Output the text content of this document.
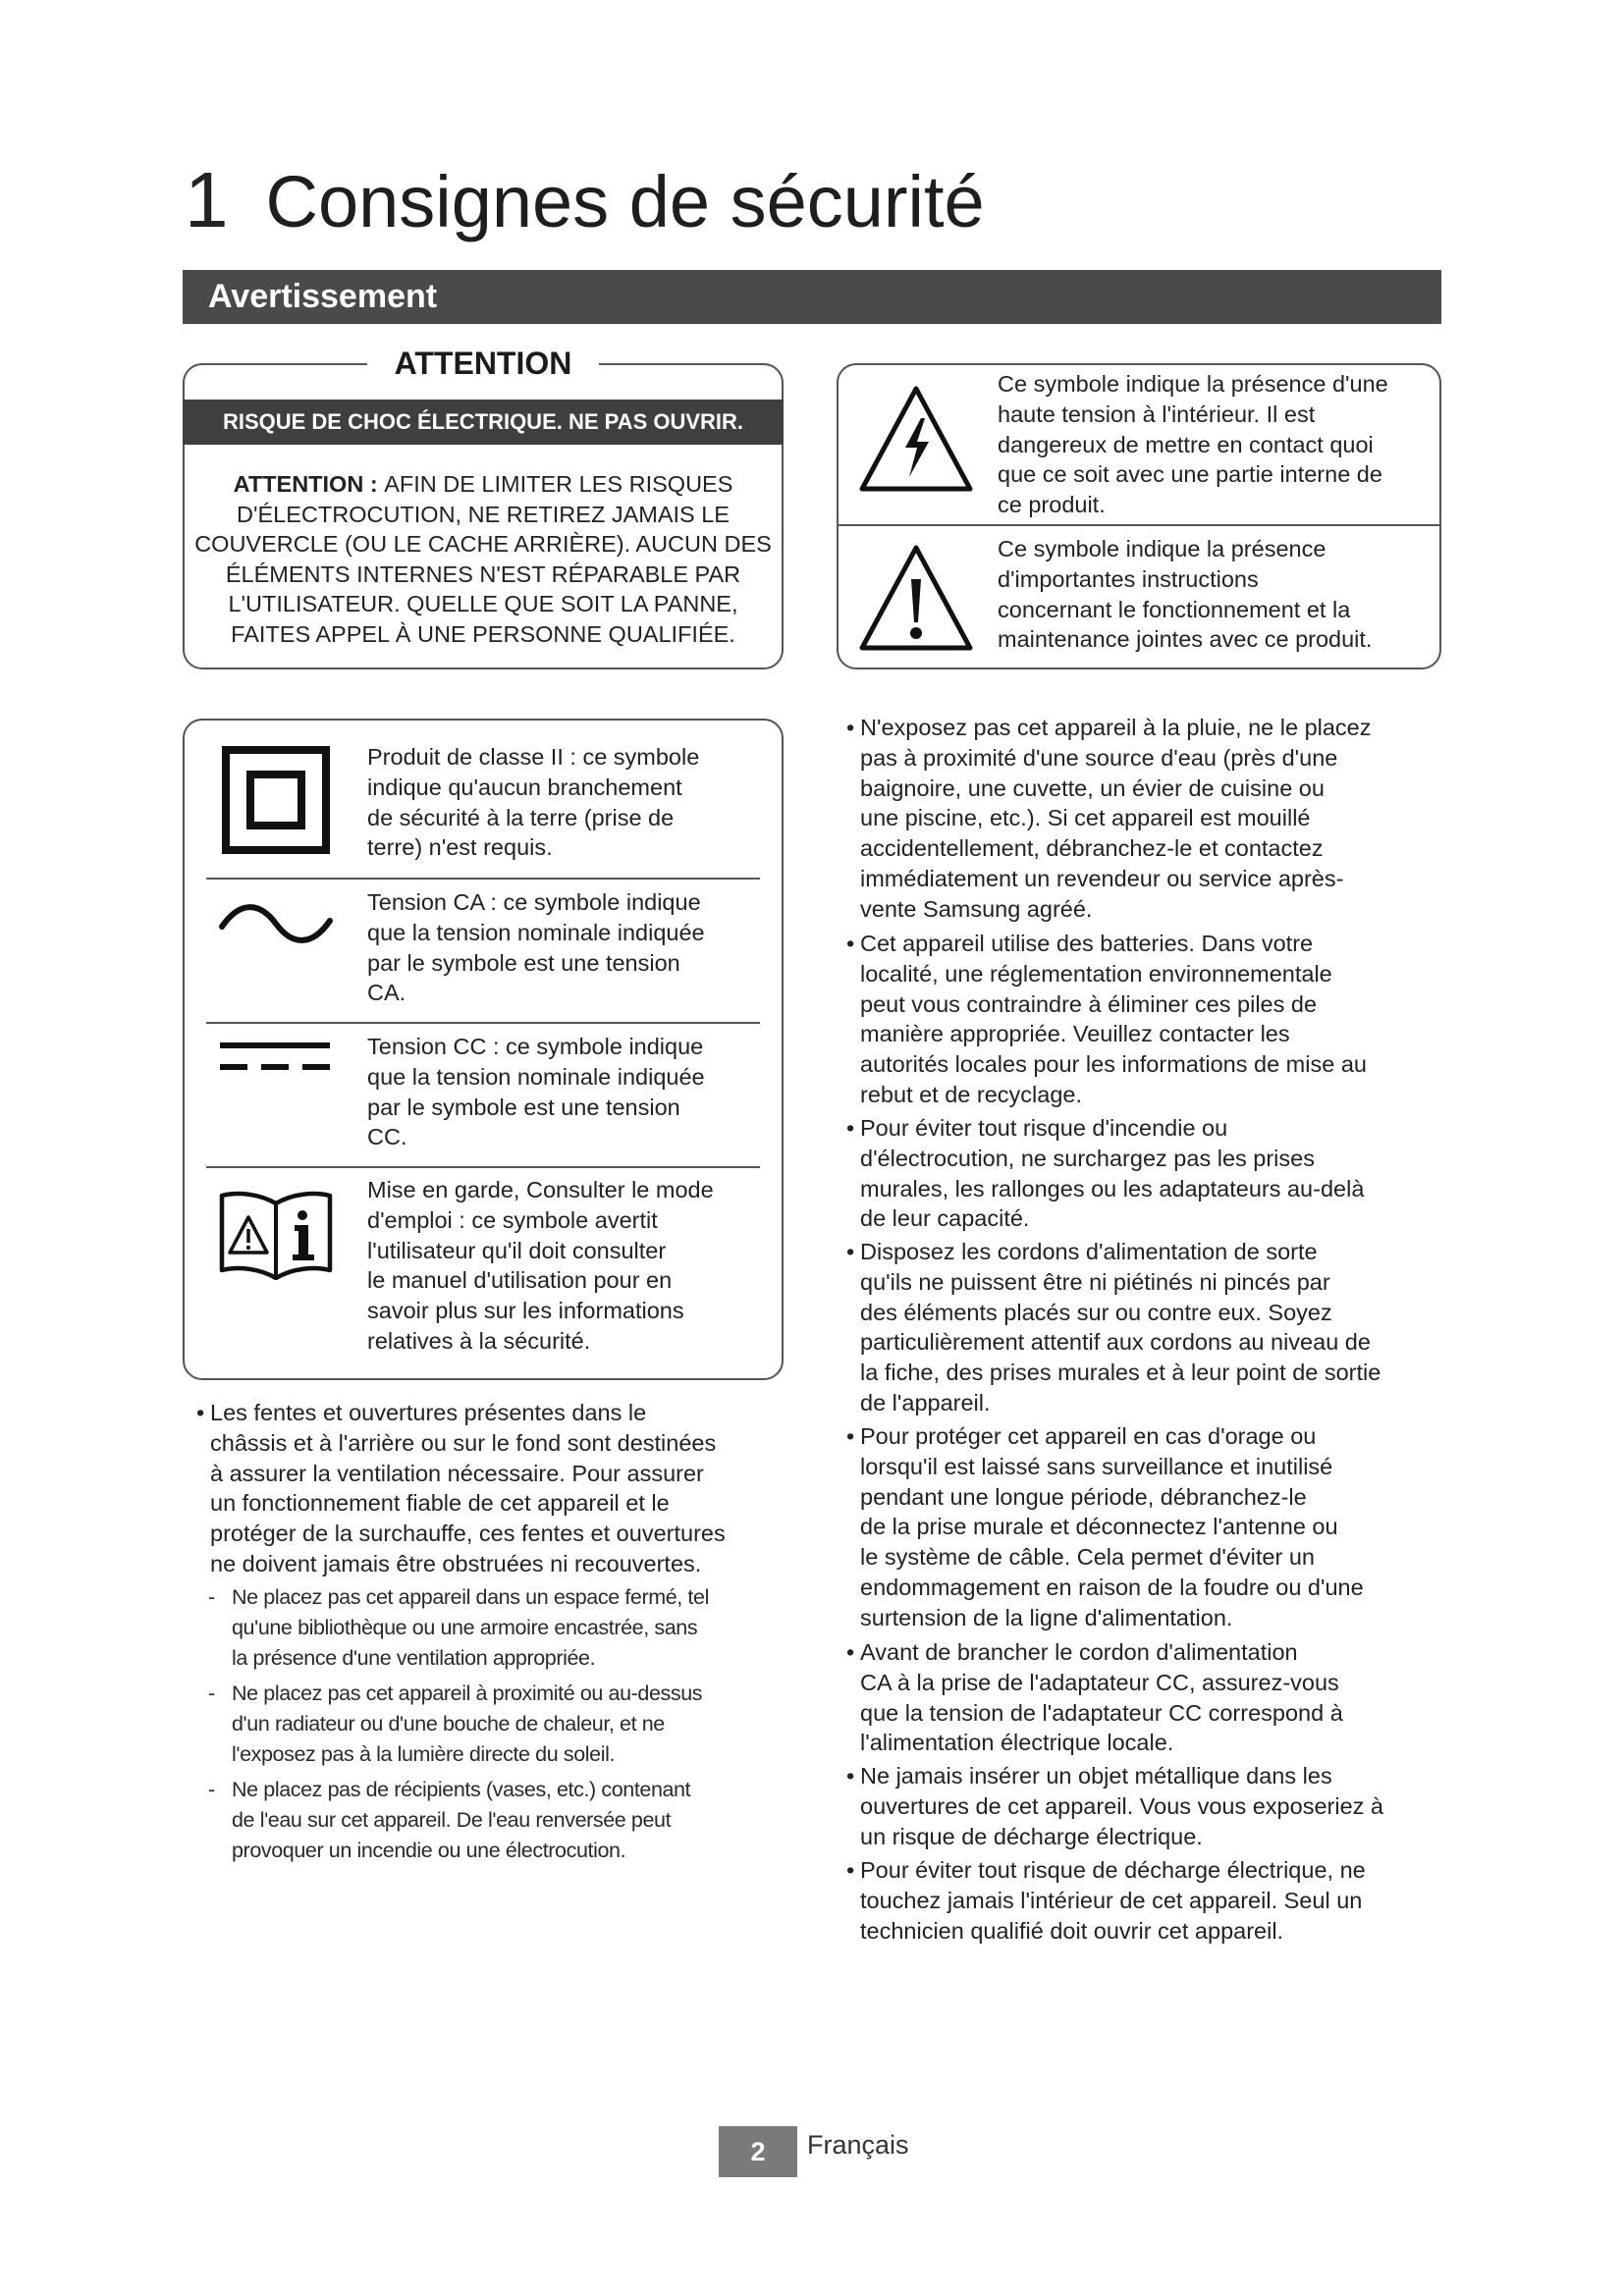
1 Consignes de sécurité
Avertissement
ATTENTION
RISQUE DE CHOC ÉLECTRIQUE. NE PAS OUVRIR.
ATTENTION : AFIN DE LIMITER LES RISQUES
D'ÉLECTROCUTION, NE RETIREZ JAMAIS LE
COUVERCLE (OU LE CACHE ARRIÈRE). AUCUN DES
ÉLÉMENTS INTERNES N'EST RÉPARABLE PAR
L'UTILISATEUR. QUELLE QUE SOIT LA PANNE,
FAITES APPEL À UNE PERSONNE QUALIFIÉE.
Ce symbole indique la présence d'une
haute tension à l'intérieur. Il est
dangereux de mettre en contact quoi
que ce soit avec une partie interne de
ce produit.
Ce symbole indique la présence
d'importantes instructions
concernant le fonctionnement et la
maintenance jointes avec ce produit.
Produit de classe II : ce symbole
indique qu'aucun branchement
de sécurité à la terre (prise de
terre) n'est requis.
Tension CA : ce symbole indique
que la tension nominale indiquée
par le symbole est une tension
CA.
Tension CC : ce symbole indique
que la tension nominale indiquée
par le symbole est une tension
CC.
Mise en garde, Consulter le mode
d'emploi : ce symbole avertit
l'utilisateur qu'il doit consulter
le manuel d'utilisation pour en
savoir plus sur les informations
relatives à la sécurité.
• Les fentes et ouvertures présentes dans le
châssis et à l'arrière ou sur le fond sont destinées
à assurer la ventilation nécessaire. Pour assurer
un fonctionnement fiable de cet appareil et le
protéger de la surchauffe, ces fentes et ouvertures
ne doivent jamais être obstruées ni recouvertes.
- Ne placez pas cet appareil dans un espace fermé, tel
qu'une bibliothèque ou une armoire encastrée, sans
la présence d'une ventilation appropriée.
- Ne placez pas cet appareil à proximité ou au-dessus
d'un radiateur ou d'une bouche de chaleur, et ne
l'exposez pas à la lumière directe du soleil.
- Ne placez pas de récipients (vases, etc.) contenant
de l'eau sur cet appareil. De l'eau renversée peut
provoquer un incendie ou une électrocution.
• N'exposez pas cet appareil à la pluie, ne le placez
pas à proximité d'une source d'eau (près d'une
baignoire, une cuvette, un évier de cuisine ou
une piscine, etc.). Si cet appareil est mouillé
accidentellement, débranchez-le et contactez
immédiatement un revendeur ou service après-
vente Samsung agréé.
• Cet appareil utilise des batteries. Dans votre
localité, une réglementation environnementale
peut vous contraindre à éliminer ces piles de
manière appropriée. Veuillez contacter les
autorités locales pour les informations de mise au
rebut et de recyclage.
• Pour éviter tout risque d'incendie ou
d'électrocution, ne surchargez pas les prises
murales, les rallonges ou les adaptateurs au-delà
de leur capacité.
• Disposez les cordons d'alimentation de sorte
qu'ils ne puissent être ni piétinés ni pincés par
des éléments placés sur ou contre eux. Soyez
particulièrement attentif aux cordons au niveau de
la fiche, des prises murales et à leur point de sortie
de l'appareil.
• Pour protéger cet appareil en cas d'orage ou
lorsqu'il est laissé sans surveillance et inutilisé
pendant une longue période, débranchez-le
de la prise murale et déconnectez l'antenne ou
le système de câble. Cela permet d'éviter un
endommagement en raison de la foudre ou d'une
surtension de la ligne d'alimentation.
• Avant de brancher le cordon d'alimentation
CA à la prise de l'adaptateur CC, assurez-vous
que la tension de l'adaptateur CC correspond à
l'alimentation électrique locale.
• Ne jamais insérer un objet métallique dans les
ouvertures de cet appareil. Vous vous exposeriez à
un risque de décharge électrique.
• Pour éviter tout risque de décharge électrique, ne
touchez jamais l'intérieur de cet appareil. Seul un
technicien qualifié doit ouvrir cet appareil.
2	Français
